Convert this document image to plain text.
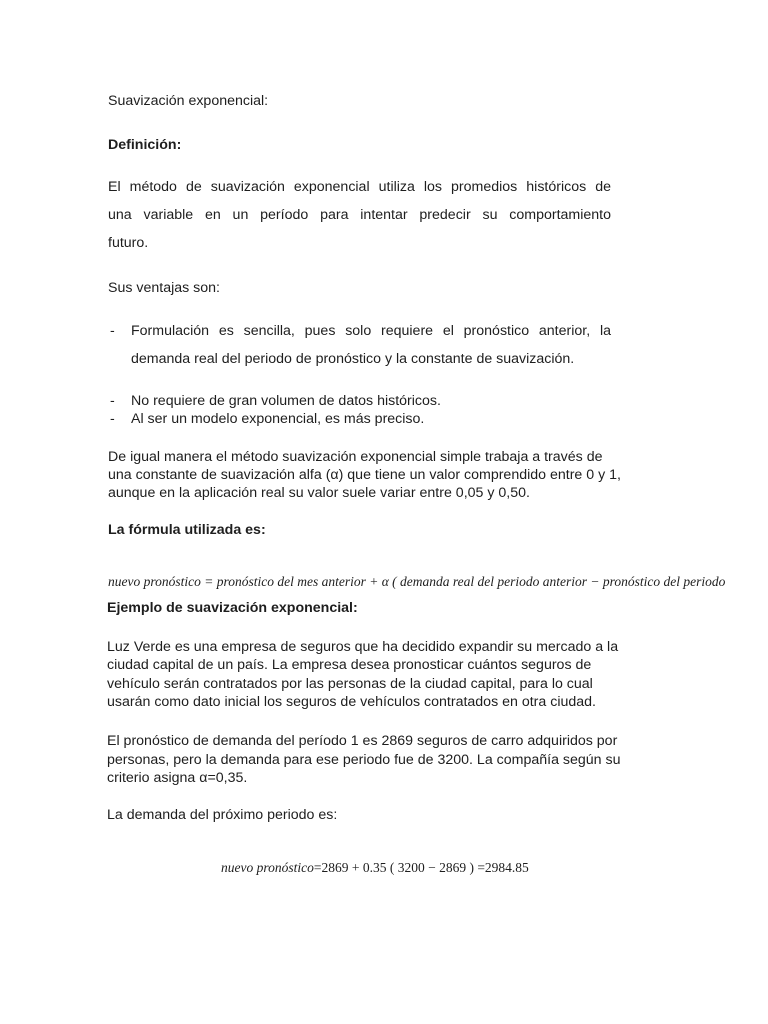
Suavización exponencial:

Definición:

El método de suavización exponencial utiliza los promedios históricos de
una variable en un período para intentar predecir su comportamiento
futuro.

Sus ventajas son:

- Formulación es sencilla, pues solo requiere el pronóstico anterior, la
demanda real del periodo de pronóstico y la constante de suavización.
- No requiere de gran volumen de datos históricos.

- Al ser un modelo exponencial, es más preciso.

De igual manera el método suavización exponencial simple trabaja a través de

una constante de suavización alfa (α) que tiene un valor comprendido entre 0 y 1,

aunque en la aplicación real su valor suele variar entre 0,05 y 0,50.

La fórmula utilizada es:

nuevo pronóstico = pronóstico del mes anterior + α ( demanda real del periodo anterior − pronóstico del periodo

Ejemplo de suavización exponencial:

Luz Verde es una empresa de seguros que ha decidido expandir su mercado a la

ciudad capital de un país. La empresa desea pronosticar cuántos seguros de

vehículo serán contratados por las personas de la ciudad capital, para lo cual

usarán como dato inicial los seguros de vehículos contratados en otra ciudad.

El pronóstico de demanda del período 1 es 2869 seguros de carro adquiridos por

personas, pero la demanda para ese periodo fue de 3200. La compañía según su

criterio asigna α=0,35.

La demanda del próximo periodo es:

nuevo pronóstico=2869 + 0.35 ( 3200 − 2869 ) =2984.85
